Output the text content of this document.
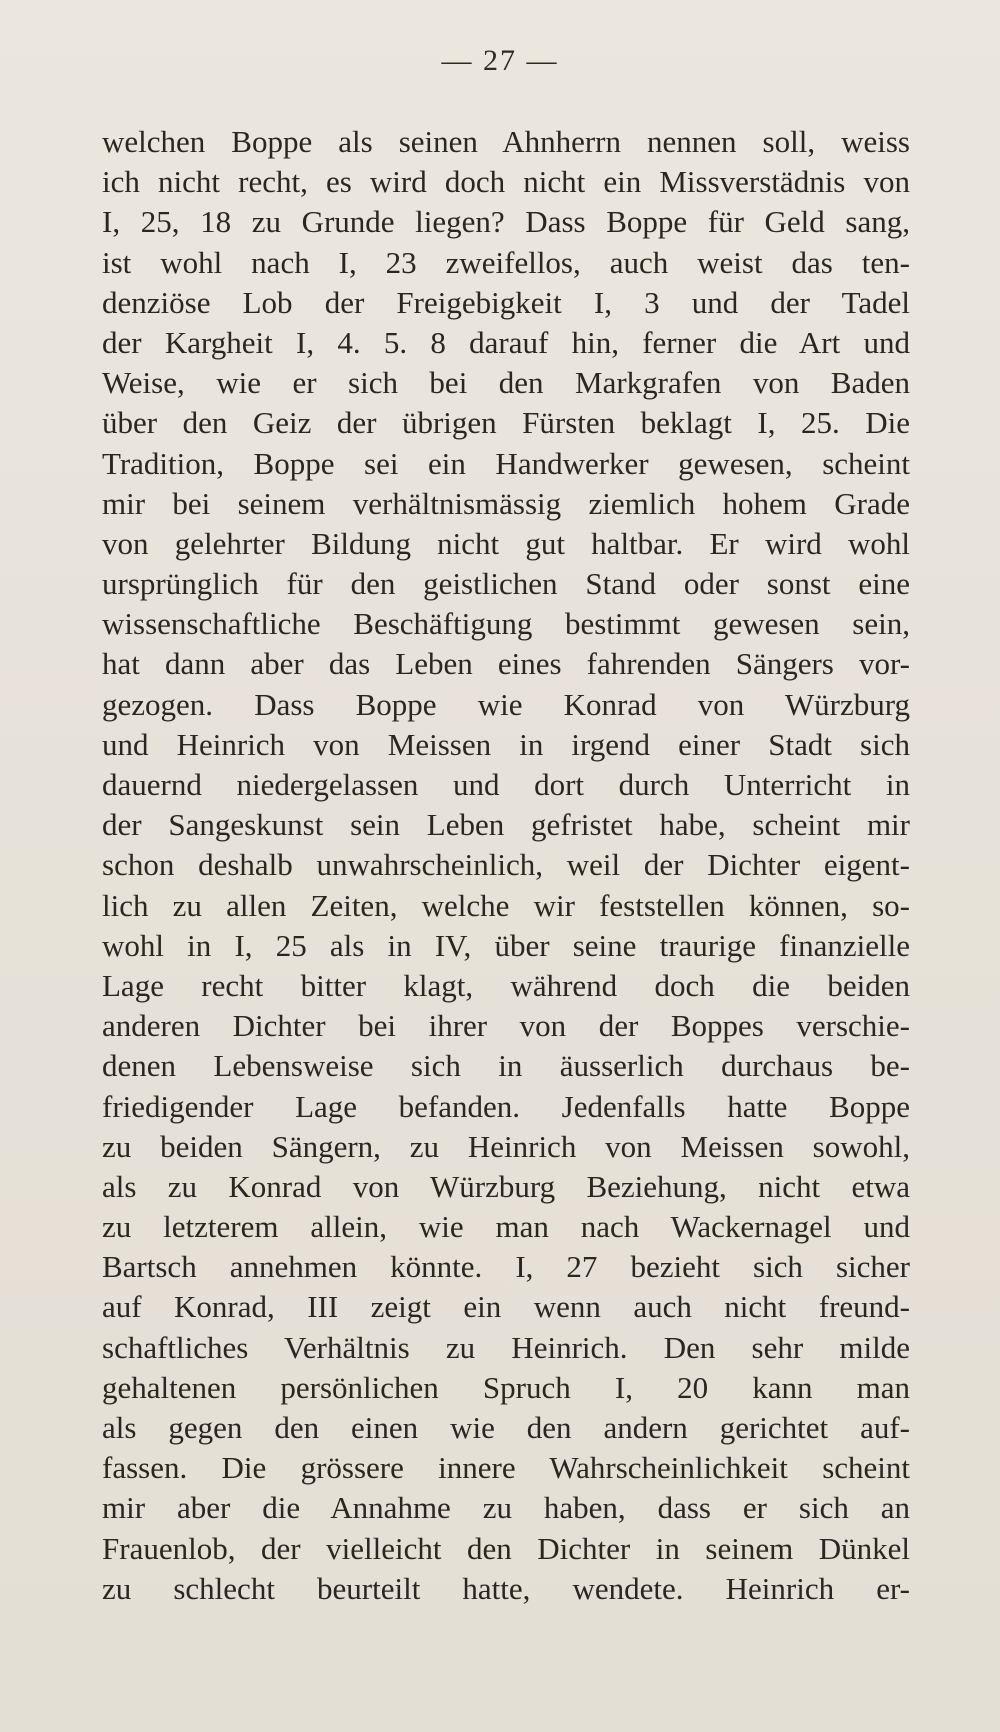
— 27 —
welchen Boppe als seinen Ahnherrn nennen soll, weiss
ich nicht recht, es wird doch nicht ein Missverstädnis von
I, 25, 18 zu Grunde liegen? Dass Boppe für Geld sang,
ist wohl nach I, 23 zweifellos, auch weist das ten-
denziöse Lob der Freigebigkeit I, 3 und der Tadel
der Kargheit I, 4. 5. 8 darauf hin, ferner die Art und
Weise, wie er sich bei den Markgrafen von Baden
über den Geiz der übrigen Fürsten beklagt I, 25. Die
Tradition, Boppe sei ein Handwerker gewesen, scheint
mir bei seinem verhältnismässig ziemlich hohem Grade
von gelehrter Bildung nicht gut haltbar. Er wird wohl
ursprünglich für den geistlichen Stand oder sonst eine
wissenschaftliche Beschäftigung bestimmt gewesen sein,
hat dann aber das Leben eines fahrenden Sängers vor-
gezogen. Dass Boppe wie Konrad von Würzburg
und Heinrich von Meissen in irgend einer Stadt sich
dauernd niedergelassen und dort durch Unterricht in
der Sangeskunst sein Leben gefristet habe, scheint mir
schon deshalb unwahrscheinlich, weil der Dichter eigent-
lich zu allen Zeiten, welche wir feststellen können, so-
wohl in I, 25 als in IV, über seine traurige finanzielle
Lage recht bitter klagt, während doch die beiden
anderen Dichter bei ihrer von der Boppes verschie-
denen Lebensweise sich in äusserlich durchaus be-
friedigender Lage befanden. Jedenfalls hatte Boppe
zu beiden Sängern, zu Heinrich von Meissen sowohl,
als zu Konrad von Würzburg Beziehung, nicht etwa
zu letzterem allein, wie man nach Wackernagel und
Bartsch annehmen könnte. I, 27 bezieht sich sicher
auf Konrad, III zeigt ein wenn auch nicht freund-
schaftliches Verhältnis zu Heinrich. Den sehr milde
gehaltenen persönlichen Spruch I, 20 kann man
als gegen den einen wie den andern gerichtet auf-
fassen. Die grössere innere Wahrscheinlichkeit scheint
mir aber die Annahme zu haben, dass er sich an
Frauenlob, der vielleicht den Dichter in seinem Dünkel
zu schlecht beurteilt hatte, wendete. Heinrich er-
